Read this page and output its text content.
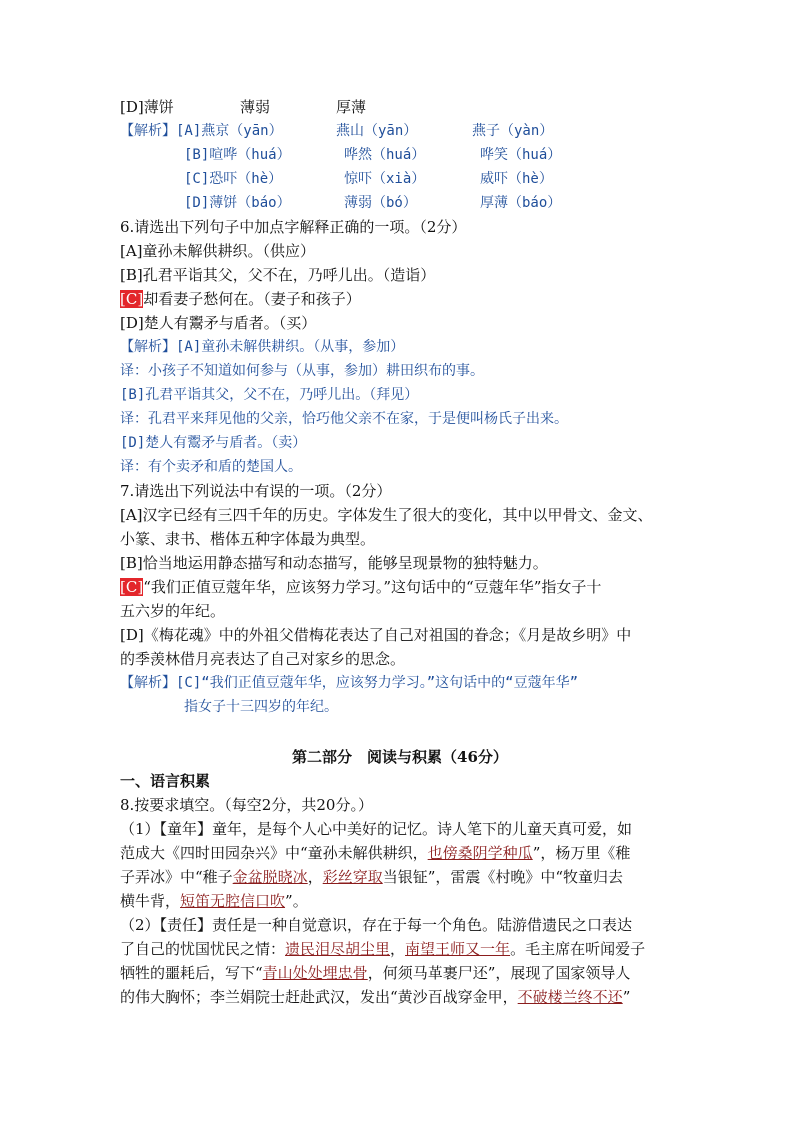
[D]薄饼	薄弱	厚薄
【解析】[A]燕京（yān）	燕山（yān）	燕子（yàn）
[B]喧哗（huá）	哗然（huá）	哗笑（huá）
[C]恐吓（hè）	惊吓（xià）	威吓（hè）
[D]薄饼（báo）	薄弱（bó）	厚薄（báo）
6.请选出下列句子中加点字解释正确的一项。（2分）
[A]童孙未解供耕织。（供应）
[B]孔君平诣其父，父不在，乃呼儿出。（造诣）
[C]却看妻子愁何在。（妻子和孩子）
[D]楚人有鬻矛与盾者。（买）
【解析】[A]童孙未解供耕织。（从事，参加）
译：小孩子不知道如何参与（从事，参加）耕田织布的事。
[B]孔君平诣其父，父不在，乃呼儿出。（拜见）
译：孔君平来拜见他的父亲，恰巧他父亲不在家，于是便叫杨氏子出来。
[D]楚人有鬻矛与盾者。（卖）
译：有个卖矛和盾的楚国人。
7.请选出下列说法中有误的一项。（2分）
[A]汉字已经有三四千年的历史。字体发生了很大的变化，其中以甲骨文、金文、
小篆、隶书、楷体五种字体最为典型。
[B]恰当地运用静态描写和动态描写，能够呈现景物的独特魅力。
[C]“我们正值豆蔻年华，应该努力学习。”这句话中的“豆蔻年华”指女子十
五六岁的年纪。
[D]《梅花魂》中的外祖父借梅花表达了自己对祖国的眷念；《月是故乡明》中
的季羡林借月亮表达了自己对家乡的思念。
【解析】[C]“我们正值豆蔻年华，应该努力学习。”这句话中的“豆蔻年华”
指女子十三四岁的年纪。
第二部分　阅读与积累（46分）
一、语言积累
8.按要求填空。（每空2分，共20分。）
（1）【童年】童年，是每个人心中美好的记忆。诗人笔下的儿童天真可爱，如
范成大《四时田园杂兴》中“童孙未解供耕织，也傍桑阴学种瓜”，杨万里《稚
子弄冰》中“稚子金盆脱晓冰，彩丝穿取当银钲”，雷震《村晚》中“牧童归去
横牛背，短笛无腔信口吹”。
（2）【责任】责任是一种自觉意识，存在于每一个角色。陆游借遗民之口表达
了自己的忧国忧民之情：遗民泪尽胡尘里，南望王师又一年。毛主席在听闻爱子
牺牲的噩耗后，写下“青山处处埋忠骨，何须马革裹尸还”，展现了国家领导人
的伟大胸怀；李兰娟院士赶赴武汉，发出“黄沙百战穿金甲，不破楼兰终不还”
